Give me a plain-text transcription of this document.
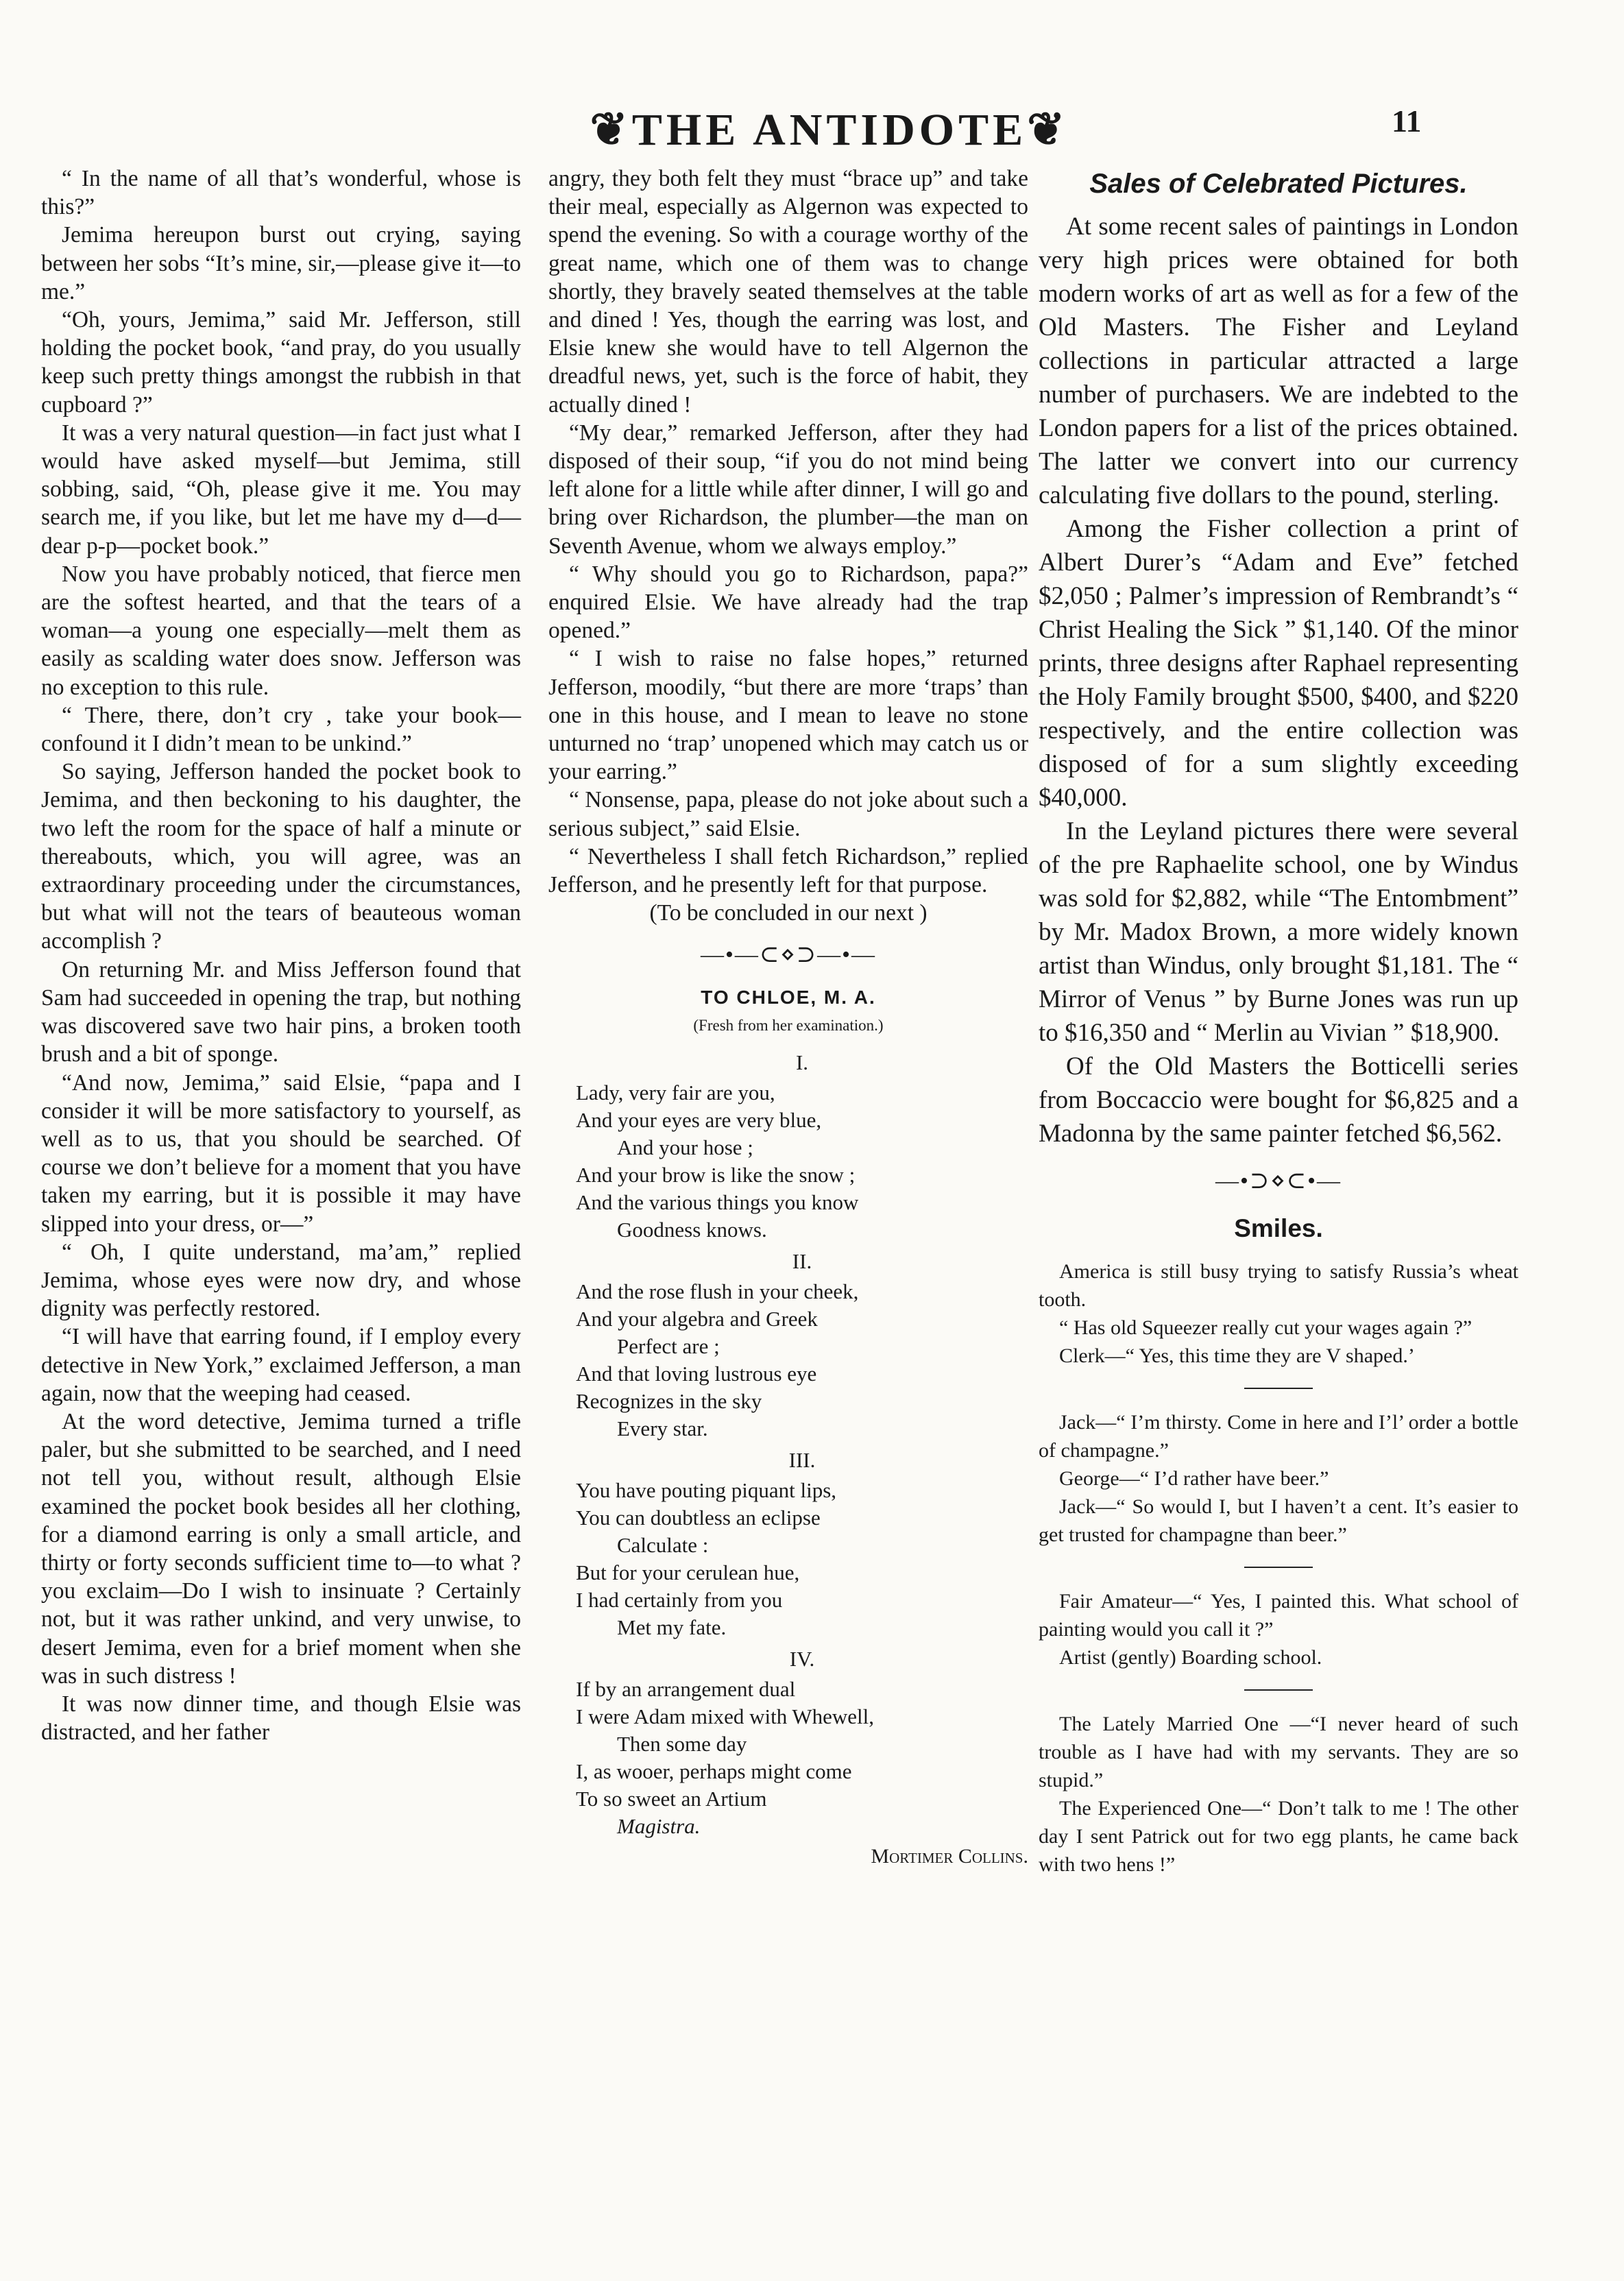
❦THE ANTIDOTE❦	11

“ In the name of all that’s wonderful, whose is this?”

Jemima hereupon burst out crying, saying between her sobs “It’s mine, sir,—please give it—to me.”

“Oh, yours, Jemima,” said Mr. Jefferson, still holding the pocket book, “and pray, do you usually keep such pretty things amongst the rubbish in that cupboard ?”

It was a very natural question—in fact just what I would have asked myself—but Jemima, still sobbing, said, “Oh, please give it me. You may search me, if you like, but let me have my d—d—dear p-p—pocket book.”

Now you have probably noticed, that fierce men are the softest hearted, and that the tears of a woman—a young one especially—melt them as easily as scalding water does snow. Jefferson was no exception to this rule.

“ There, there, don’t cry , take your book—confound it I didn’t mean to be unkind.”

So saying, Jefferson handed the pocket book to Jemima, and then beckoning to his daughter, the two left the room for the space of half a minute or thereabouts, which, you will agree, was an extraordinary proceeding under the circumstances, but what will not the tears of beauteous woman accomplish ?

On returning Mr. and Miss Jefferson found that Sam had succeeded in opening the trap, but nothing was discovered save two hair pins, a broken tooth brush and a bit of sponge.

“And now, Jemima,” said Elsie, “papa and I consider it will be more satisfactory to yourself, as well as to us, that you should be searched. Of course we don’t believe for a moment that you have taken my earring, but it is possible it may have slipped into your dress, or—”

“ Oh, I quite understand, ma’am,” replied Jemima, whose eyes were now dry, and whose dignity was perfectly restored.

“I will have that earring found, if I employ every detective in New York,” exclaimed Jefferson, a man again, now that the weeping had ceased.

At the word detective, Jemima turned a trifle paler, but she submitted to be searched, and I need not tell you, without result, although Elsie examined the pocket book besides all her clothing, for a diamond earring is only a small article, and thirty or forty seconds sufficient time to—to what ? you exclaim—Do I wish to insinuate ? Certainly not, but it was rather unkind, and very unwise, to desert Jemima, even for a brief moment when she was in such distress !

It was now dinner time, and though Elsie was distracted, and her father

angry, they both felt they must “brace up” and take their meal, especially as Algernon was expected to spend the evening. So with a courage worthy of the great name, which one of them was to change shortly, they bravely seated themselves at the table and dined ! Yes, though the earring was lost, and Elsie knew she would have to tell Algernon the dreadful news, yet, such is the force of habit, they actually dined !

“My dear,” remarked Jefferson, after they had disposed of their soup, “if you do not mind being left alone for a little while after dinner, I will go and bring over Richardson, the plumber—the man on Seventh Avenue, whom we always employ.”

“ Why should you go to Richardson, papa?” enquired Elsie. We have already had the trap opened.”

“ I wish to raise no false hopes,” returned Jefferson, moodily, “but there are more ‘traps’ than one in this house, and I mean to leave no stone unturned no ‘trap’ unopened which may catch us or your earring.”

“ Nonsense, papa, please do not joke about such a serious subject,” said Elsie.

“ Nevertheless I shall fetch Richardson,” replied Jefferson, and he presently left for that purpose.

(To be concluded in our next )

—•—⊂⋄⊃—•—
TO CHLOE, M. A.
(Fresh from her examination.)
I.
Lady, very fair are you,
And your eyes are very blue,
And your hose ;
And your brow is like the snow ;
And the various things you know
Goodness knows.
II.
And the rose flush in your cheek,
And your algebra and Greek
Perfect are ;
And that loving lustrous eye
Recognizes in the sky
Every star.
III.
You have pouting piquant lips,
You can doubtless an eclipse
Calculate :
But for your cerulean hue,
I had certainly from you
Met my fate.
IV.
If by an arrangement dual
I were Adam mixed with Whewell,
Then some day
I, as wooer, perhaps might come
To so sweet an Artium
Magistra.
Mortimer Collins.
Sales of Celebrated Pictures.

At some recent sales of paintings in London very high prices were obtained for both modern works of art as well as for a few of the Old Masters. The Fisher and Leyland collections in particular attracted a large number of purchasers. We are indebted to the London papers for a list of the prices obtained. The latter we convert into our currency calculating five dollars to the pound, sterling.

Among the Fisher collection a print of Albert Durer’s “Adam and Eve” fetched $2,050 ; Palmer’s impression of Rembrandt’s “ Christ Healing the Sick ” $1,140. Of the minor prints, three designs after Raphael representing the Holy Family brought $500, $400, and $220 respectively, and the entire collection was disposed of for a sum slightly exceeding $40,000.

In the Leyland pictures there were several of the pre Raphaelite school, one by Windus was sold for $2,882, while “The Entombment” by Mr. Madox Brown, a more widely known artist than Windus, only brought $1,181. The “ Mirror of Venus ” by Burne Jones was run up to $16,350 and “ Merlin au Vivian ” $18,900.

Of the Old Masters the Botticelli series from Boccaccio were bought for $6,825 and a Madonna by the same painter fetched $6,562.

—•⊃⋄⊂•—
Smiles.

America is still busy trying to satisfy Russia’s wheat tooth.

“ Has old Squeezer really cut your wages again ?”

Clerk—“ Yes, this time they are V shaped.’

Jack—“ I’m thirsty. Come in here and I’l’ order a bottle of champagne.”

George—“ I’d rather have beer.”

Jack—“ So would I, but I haven’t a cent. It’s easier to get trusted for champagne than beer.”

Fair Amateur—“ Yes, I painted this. What school of painting would you call it ?”

Artist (gently) Boarding school.

The Lately Married One —“I never heard of such trouble as I have had with my servants. They are so stupid.”

The Experienced One—“ Don’t talk to me ! The other day I sent Patrick out for two egg plants, he came back with two hens !”
